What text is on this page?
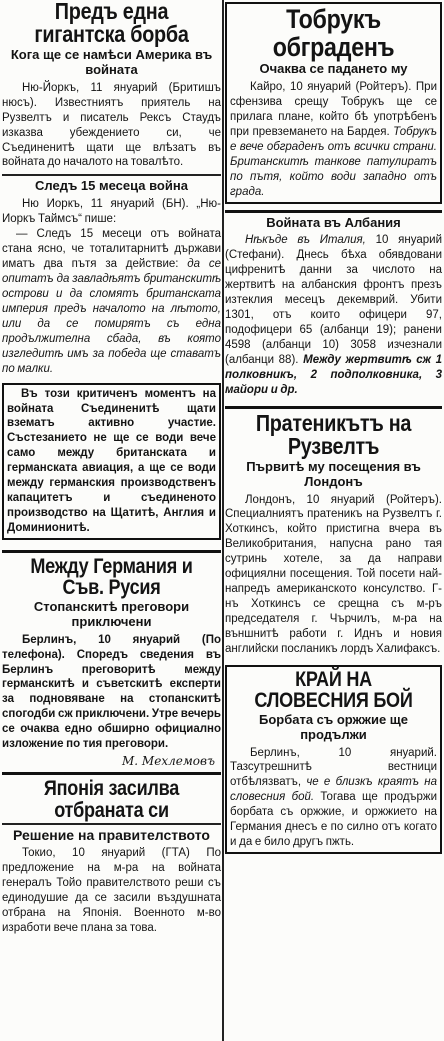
Предъ една гигантска борба
Кога ще се намѣси Америка въ войната

Ню-Йоркъ, 11 януарий (Бритишъ нюсъ). Известниятъ приятель на Рузвелтъ и писатель Рексъ Стаудъ изказва убеждението си, че Съединенитѣ щати ще влѣзатъ въ войната до началото на товалѣто.

Следъ 15 месеца война

Ню Иоркъ, 11 януарий (БН). „Ню-Иоркъ Таймсъ“ пише:

— Следъ 15 месеци отъ войната стана ясно, че тоталитарнитѣ държави иматъ два пътя за действие: да се опитатъ да завладѣятъ британскитѣ острови и да сломятъ британската империя предъ началото на лѣтото, или да се помирятъ съ една продължителна сбада, въ която изгледитѣ имъ за победа ще ставатъ по малки.

Въ този критиченъ моментъ на войната Съединенитѣ щати взематъ активно участие. Състезанието не ще се води вече само между британската и германската авиация, а ще се води между германския производственъ капацитетъ и съединеното производство на Щатитѣ, Англия и Доминионитѣ.

Между Германия и Съв. Русия
Стопанскитѣ преговори приключени

Берлинъ, 10 януарий (По телефона). Споредъ сведения въ Берлинъ преговоритѣ между германскитѣ и съветскитѣ експерти за подновяване на стопанскитѣ спогодби сж приключени. Утре вечерь се очаква едно обширно официално изложение по тия преговори.

М. Мехлемовъ
Японія засилва отбраната си
Решение на правителството

Токио, 10 януарий (ГТА) По предложение на м-ра на войната генералъ Тойо правителството реши съ единодушие да се засили въздушната отбрана на Японія. Военното м-во изработи вече плана за това.

Тобрукъ обграденъ
Очаква се падането му

Кайро, 10 януарий (Ройтеръ). При сфензива срещу Тобрукъ ще се прилага плане, който бѣ употрѣбенъ при превземането на Бардея. Тобрукъ е вече обграденъ отъ всички страни. Британскитѣ танкове патулиратъ по пътя, който води западно отъ града.

Войната въ Албания

Нѣкъде въ Италия, 10 януарий (Стефани). Днесь бѣха обявдовани цифренитѣ данни за числото на жертвитѣ на албанския фронтъ презъ изтеклия месецъ декемврий. Убити 1301, отъ които офицери 97, подофицери 65 (албанци 19); ранени 4598 (албанци 10) 3058 изчезнали (албанци 88). Между жертвитѣ сж 1 полковникъ, 2 подполковника, 3 майори и др.

Пратеникътъ на Рузвелтъ
Първитѣ му посещения въ Лондонъ

Лондонъ, 10 януарий (Ройтеръ). Специалниятъ пратеникъ на Рузвелтъ г. Хоткинсъ, който пристигна вчера въ Великобритания, напусна рано тая сутринь хотеле, за да направи официялни посещения. Той посети най-напредъ американското консулство. Г-нъ Хоткинсъ се срещна съ м-ръ председателя г. Чърчилъ, м-ра на външнитѣ работи г. Иднъ и новия английски посланикъ лордъ Халифаксъ.

КРАЙ НА СЛОВЕСНИЯ БОЙ
Борбата съ оржжие ще продължи

Берлинъ, 10 януарий. Тазсутрешнитѣ вестници отбѣлязватъ, че е близкъ краятъ на словесния бой. Тогава ще продържи борбата съ оржжие, и оржжието на Германия днесъ е по силно отъ когато и да е било другъ пжть.
